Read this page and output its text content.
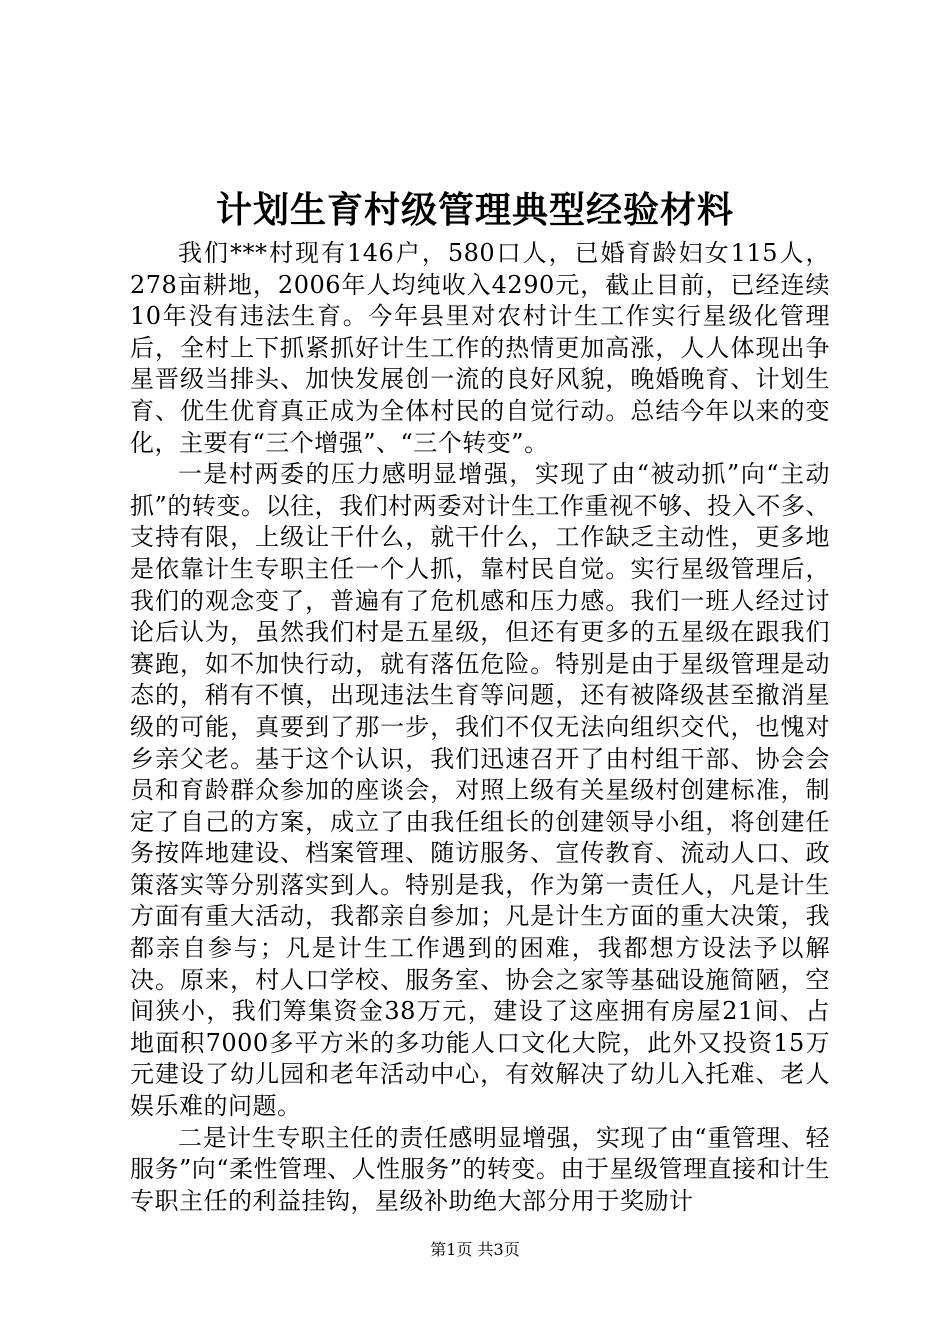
计划生育村级管理典型经验材料

我们***村现有146户，580口人，已婚育龄妇女115人，278亩耕地，2006年人均纯收入4290元，截止目前，已经连续10年没有违法生育。今年县里对农村计生工作实行星级化管理后，全村上下抓紧抓好计生工作的热情更加高涨，人人体现出争星晋级当排头、加快发展创一流的良好风貌，晚婚晚育、计划生育、优生优育真正成为全体村民的自觉行动。总结今年以来的变化，主要有“三个增强”、“三个转变”。

一是村两委的压力感明显增强，实现了由“被动抓”向“主动抓”的转变。以往，我们村两委对计生工作重视不够、投入不多、支持有限，上级让干什么，就干什么，工作缺乏主动性，更多地是依靠计生专职主任一个人抓，靠村民自觉。实行星级管理后，我们的观念变了，普遍有了危机感和压力感。我们一班人经过讨论后认为，虽然我们村是五星级，但还有更多的五星级在跟我们赛跑，如不加快行动，就有落伍危险。特别是由于星级管理是动态的，稍有不慎，出现违法生育等问题，还有被降级甚至撤消星级的可能，真要到了那一步，我们不仅无法向组织交代，也愧对乡亲父老。基于这个认识，我们迅速召开了由村组干部、协会会员和育龄群众参加的座谈会，对照上级有关星级村创建标准，制定了自己的方案，成立了由我任组长的创建领导小组，将创建任务按阵地建设、档案管理、随访服务、宣传教育、流动人口、政策落实等分别落实到人。特别是我，作为第一责任人，凡是计生方面有重大活动，我都亲自参加；凡是计生方面的重大决策，我都亲自参与；凡是计生工作遇到的困难，我都想方设法予以解决。原来，村人口学校、服务室、协会之家等基础设施简陋，空间狭小，我们筹集资金38万元，建设了这座拥有房屋21间、占地面积7000多平方米的多功能人口文化大院，此外又投资15万元建设了幼儿园和老年活动中心，有效解决了幼儿入托难、老人娱乐难的问题。

二是计生专职主任的责任感明显增强，实现了由“重管理、轻服务”向“柔性管理、人性服务”的转变。由于星级管理直接和计生专职主任的利益挂钩，星级补助绝大部分用于奖励计

第1页 共3页
